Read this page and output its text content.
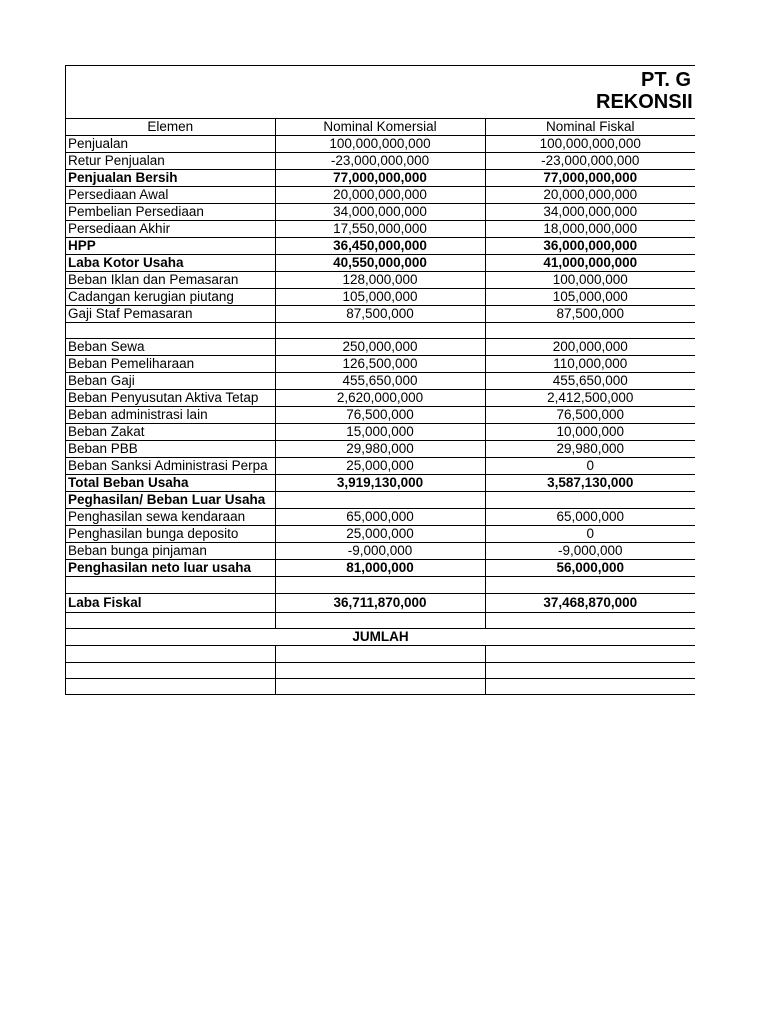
PT. G
REKONSII
Elemen	Nominal Komersial	Nominal Fiskal
Penjualan	100,000,000,000	100,000,000,000
Retur Penjualan	-23,000,000,000	-23,000,000,000
Penjualan Bersih	77,000,000,000	77,000,000,000
Persediaan Awal	20,000,000,000	20,000,000,000
Pembelian Persediaan	34,000,000,000	34,000,000,000
Persediaan Akhir	17,550,000,000	18,000,000,000
HPP	36,450,000,000	36,000,000,000
Laba Kotor Usaha	40,550,000,000	41,000,000,000
Beban Iklan dan Pemasaran	128,000,000	100,000,000
Cadangan kerugian piutang	105,000,000	105,000,000
Gaji Staf Pemasaran	87,500,000	87,500,000

Beban Sewa	250,000,000	200,000,000
Beban Pemeliharaan	126,500,000	110,000,000
Beban Gaji	455,650,000	455,650,000
Beban Penyusutan Aktiva Tetap	2,620,000,000	2,412,500,000
Beban administrasi lain	76,500,000	76,500,000
Beban Zakat	15,000,000	10,000,000
Beban PBB	29,980,000	29,980,000
Beban Sanksi Administrasi Perpa	25,000,000	0
Total Beban Usaha	3,919,130,000	3,587,130,000
Peghasilan/ Beban Luar Usaha		
Penghasilan sewa kendaraan	65,000,000	65,000,000
Penghasilan bunga deposito	25,000,000	0
Beban bunga pinjaman	-9,000,000	-9,000,000
Penghasilan neto luar usaha	81,000,000	56,000,000

Laba Fiskal	36,711,870,000	37,468,870,000

JUMLAH		
